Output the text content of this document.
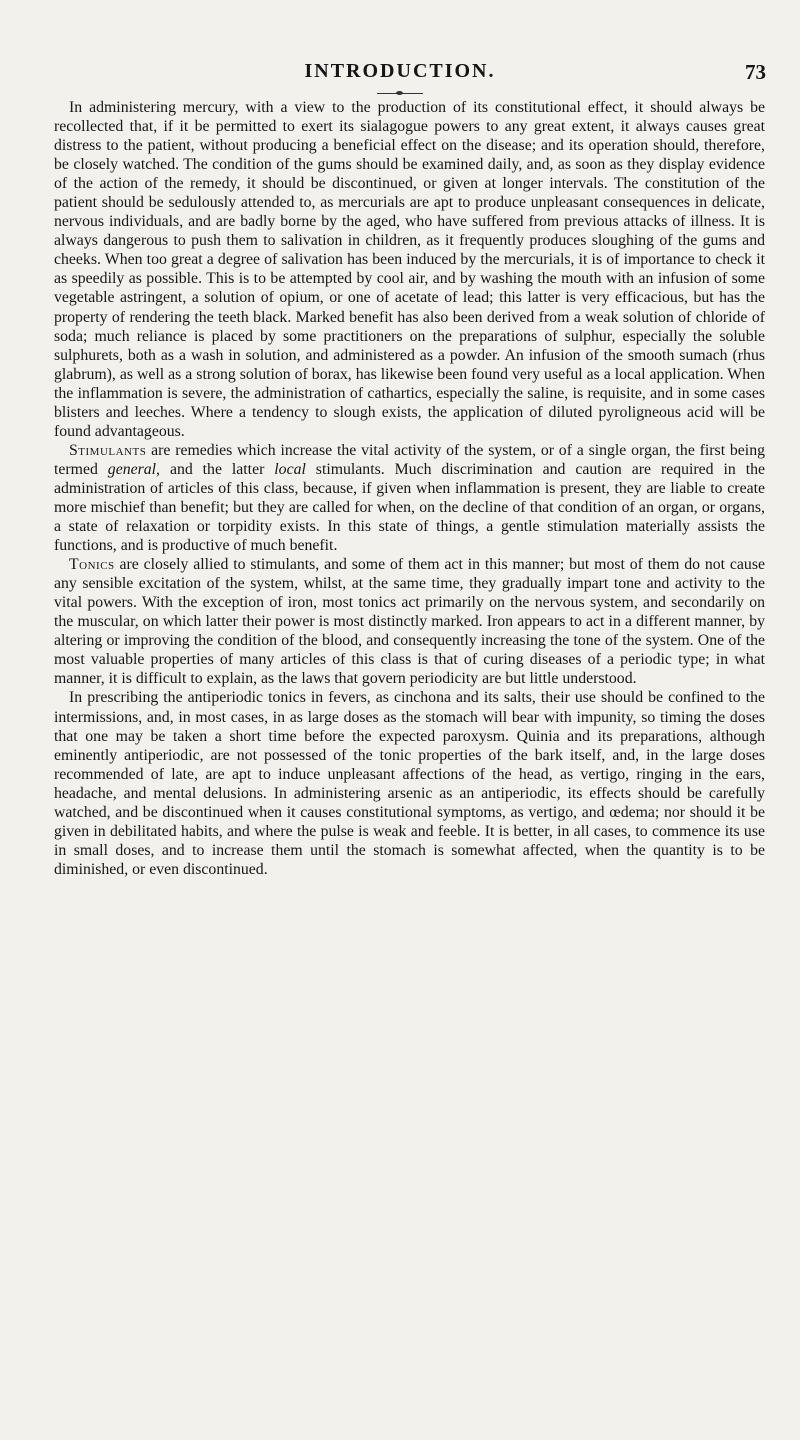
INTRODUCTION.	73

In administering mercury, with a view to the production of its constitutional effect, it should always be recollected that, if it be permitted to exert its sialagogue powers to any great extent, it always causes great distress to the patient, without producing a beneficial effect on the disease; and its operation should, therefore, be closely watched. The condition of the gums should be examined daily, and, as soon as they display evidence of the action of the remedy, it should be discontinued, or given at longer intervals. The constitution of the patient should be sedulously attended to, as mercurials are apt to produce unpleasant consequences in delicate, nervous individuals, and are badly borne by the aged, who have suffered from previous attacks of illness. It is always dangerous to push them to salivation in children, as it frequently produces sloughing of the gums and cheeks. When too great a degree of salivation has been induced by the mercurials, it is of importance to check it as speedily as possible. This is to be attempted by cool air, and by washing the mouth with an infusion of some vegetable astringent, a solution of opium, or one of acetate of lead; this latter is very efficacious, but has the property of rendering the teeth black. Marked benefit has also been derived from a weak solution of chloride of soda; much reliance is placed by some practitioners on the preparations of sulphur, especially the soluble sulphurets, both as a wash in solution, and administered as a powder. An infusion of the smooth sumach (rhus glabrum), as well as a strong solution of borax, has likewise been found very useful as a local application. When the inflammation is severe, the administration of cathartics, especially the saline, is requisite, and in some cases blisters and leeches. Where a tendency to slough exists, the application of diluted pyroligneous acid will be found advantageous.

Stimulants are remedies which increase the vital activity of the system, or of a single organ, the first being termed general, and the latter local stimulants. Much discrimination and caution are required in the administration of articles of this class, because, if given when inflammation is present, they are liable to create more mischief than benefit; but they are called for when, on the decline of that condition of an organ, or organs, a state of relaxation or torpidity exists. In this state of things, a gentle stimulation materially assists the functions, and is productive of much benefit.

Tonics are closely allied to stimulants, and some of them act in this manner; but most of them do not cause any sensible excitation of the system, whilst, at the same time, they gradually impart tone and activity to the vital powers. With the exception of iron, most tonics act primarily on the nervous system, and secondarily on the muscular, on which latter their power is most distinctly marked. Iron appears to act in a different manner, by altering or improving the condition of the blood, and consequently increasing the tone of the system. One of the most valuable properties of many articles of this class is that of curing diseases of a periodic type; in what manner, it is difficult to explain, as the laws that govern periodicity are but little understood.

In prescribing the antiperiodic tonics in fevers, as cinchona and its salts, their use should be confined to the intermissions, and, in most cases, in as large doses as the stomach will bear with impunity, so timing the doses that one may be taken a short time before the expected paroxysm. Quinia and its preparations, although eminently antiperiodic, are not possessed of the tonic properties of the bark itself, and, in the large doses recommended of late, are apt to induce unpleasant affections of the head, as vertigo, ringing in the ears, headache, and mental delusions. In administering arsenic as an antiperiodic, its effects should be carefully watched, and be discontinued when it causes constitutional symptoms, as vertigo, and œdema; nor should it be given in debilitated habits, and where the pulse is weak and feeble. It is better, in all cases, to commence its use in small doses, and to increase them until the stomach is somewhat affected, when the quantity is to be diminished, or even discontinued.
